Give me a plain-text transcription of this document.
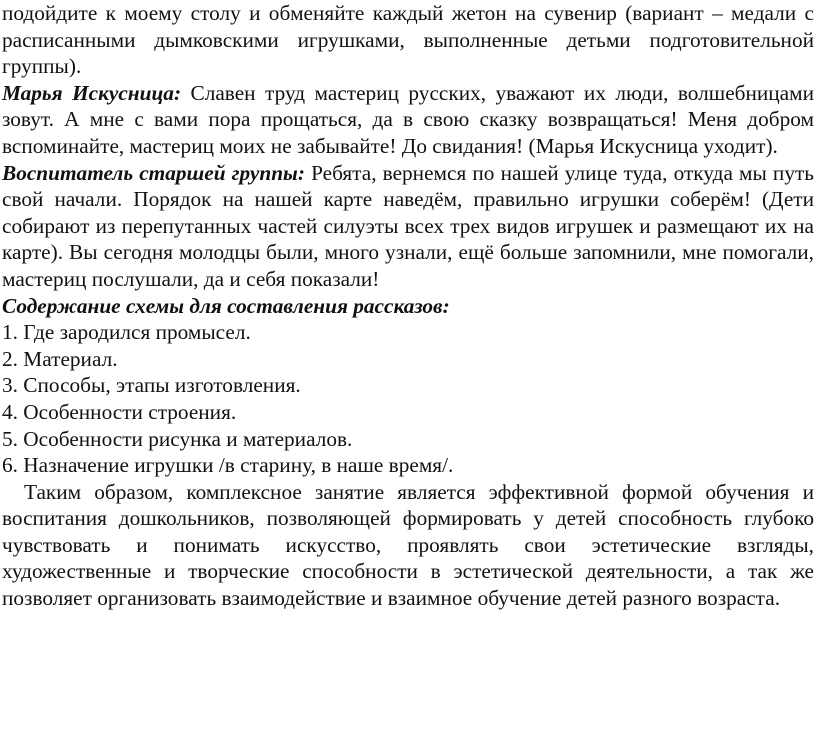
подойдите к моему столу и обменяйте каждый жетон на сувенир (вариант – медали с расписанными дымковскими игрушками, выполненные детьми подготовительной группы).

Марья Искусница: Славен труд мастериц русских, уважают их люди, волшебницами зовут. А мне с вами пора прощаться, да в свою сказку возвращаться! Меня добром вспоминайте, мастериц моих не забывайте! До свидания! (Марья Искусница уходит).

Воспитатель старшей группы: Ребята, вернемся по нашей улице туда, откуда мы путь свой начали. Порядок на нашей карте наведём, правильно игрушки соберём! (Дети собирают из перепутанных частей силуэты всех трех видов игрушек и размещают их на карте). Вы сегодня молодцы были, много узнали, ещё больше запомнили, мне помогали, мастериц послушали, да и себя показали!

Содержание схемы для составления рассказов:

1. Где зародился промысел.
2. Материал.
3. Способы, этапы изготовления.
4. Особенности строения.
5. Особенности рисунка и материалов.
6. Назначение игрушки /в старину, в наше время/.

Таким образом, комплексное занятие является эффективной формой обучения и воспитания дошкольников, позволяющей формировать у детей способность глубоко чувствовать и понимать искусство, проявлять свои эстетические взгляды, художественные и творческие способности в эстетической деятельности, а так же позволяет организовать взаимодействие и взаимное обучение детей разного возраста.
